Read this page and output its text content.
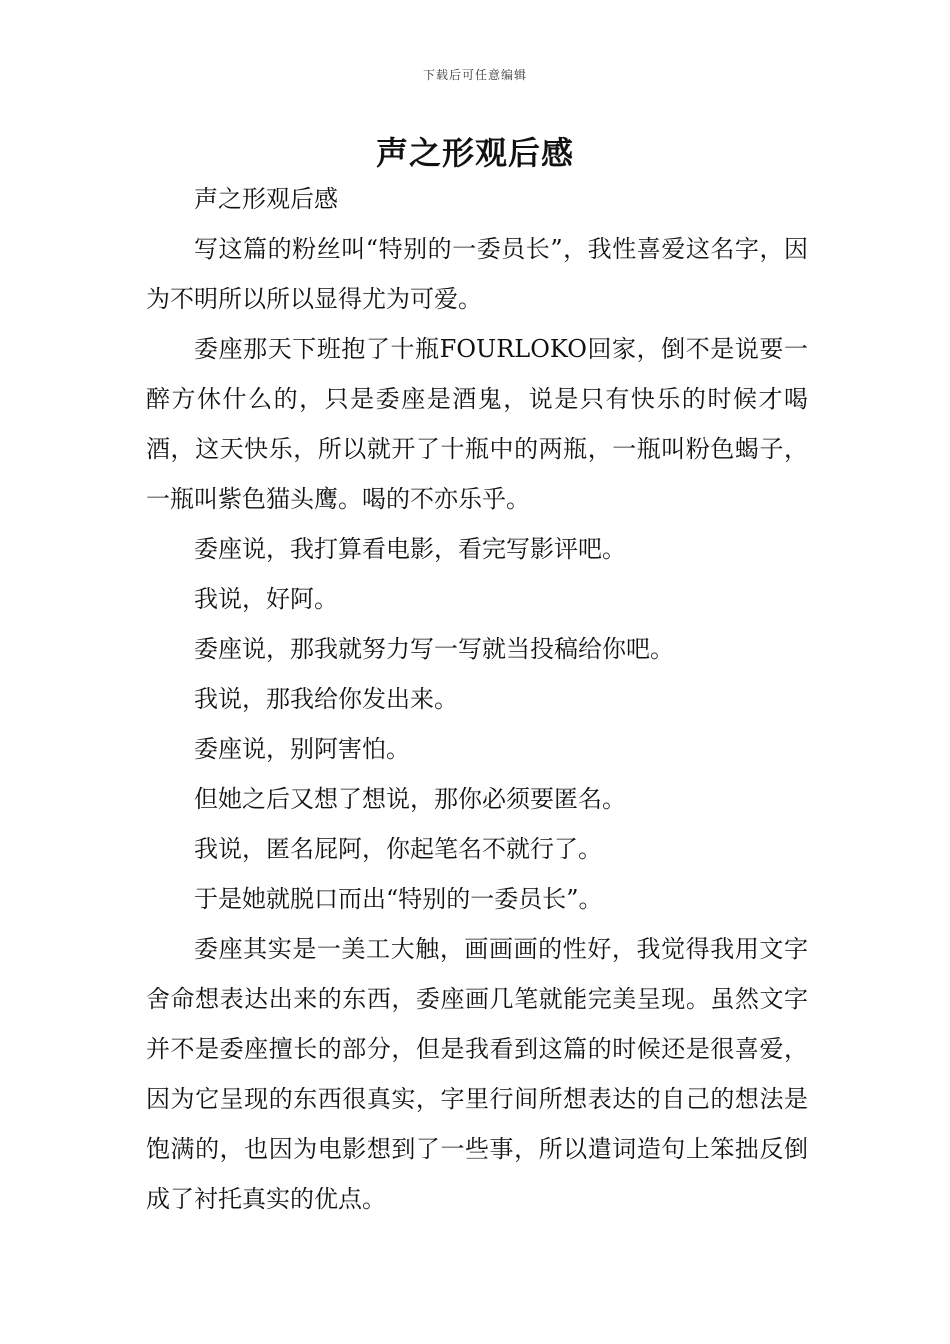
下载后可任意编辑
声之形观后感

声之形观后感

写这篇的粉丝叫“特别的一委员长”，我性喜爱这名字，因为不明所以所以显得尤为可爱。

委座那天下班抱了十瓶FOURLOKO回家，倒不是说要一醉方休什么的，只是委座是酒鬼，说是只有快乐的时候才喝酒，这天快乐，所以就开了十瓶中的两瓶，一瓶叫粉色蝎子，一瓶叫紫色猫头鹰。喝的不亦乐乎。

委座说，我打算看电影，看完写影评吧。

我说，好阿。

委座说，那我就努力写一写就当投稿给你吧。

我说，那我给你发出来。

委座说，别阿害怕。

但她之后又想了想说，那你必须要匿名。

我说，匿名屁阿，你起笔名不就行了。

于是她就脱口而出“特别的一委员长”。

委座其实是一美工大触，画画画的性好，我觉得我用文字舍命想表达出来的东西，委座画几笔就能完美呈现。虽然文字并不是委座擅长的部分，但是我看到这篇的时候还是很喜爱，因为它呈现的东西很真实，字里行间所想表达的自己的想法是饱满的，也因为电影想到了一些事，所以遣词造句上笨拙反倒成了衬托真实的优点。
